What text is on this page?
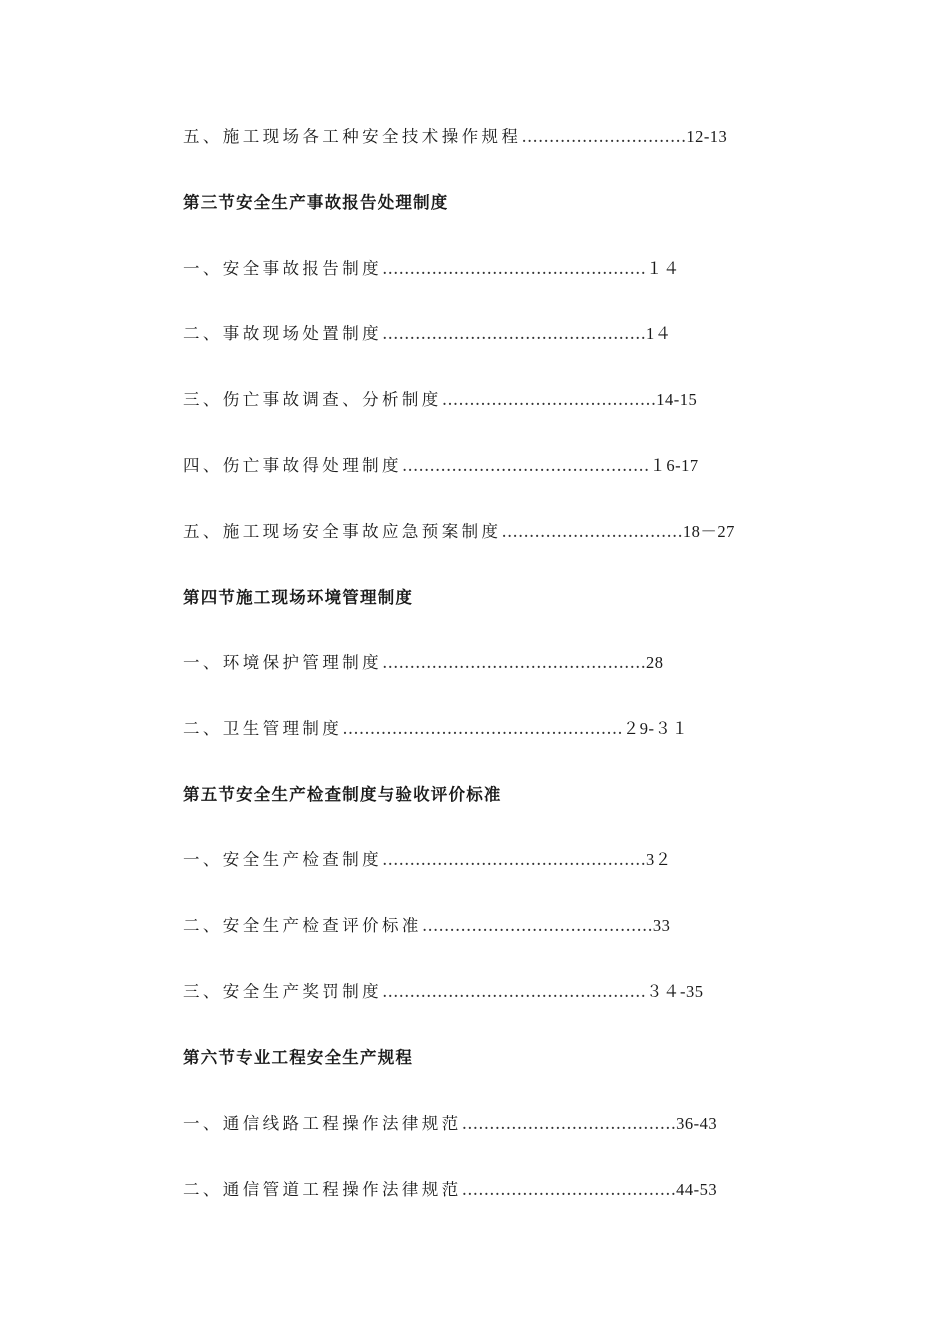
五、施工现场各工种安全技术操作规程…………………………12-13
第三节安全生产事故报告处理制度
一、安全事故报告制度…………………………………………１４
二、事故现场处置制度…………………………………………1４
三、伤亡事故调查、分析制度…………………………………14-15
四、伤亡事故得处理制度………………………………………１6-17
五、施工现场安全事故应急预案制度……………………………18－27
第四节施工现场环境管理制度
一、环境保护管理制度…………………………………………28
二、卫生管理制度……………………………………………２9-３１
第五节安全生产检查制度与验收评价标准
一、安全生产检查制度…………………………………………3２
二、安全生产检查评价标准……………………………………33
三、安全生产奖罚制度…………………………………………３４-35
第六节专业工程安全生产规程
一、通信线路工程操作法律规范…………………………………36-43
二、通信管道工程操作法律规范…………………………………44-53
